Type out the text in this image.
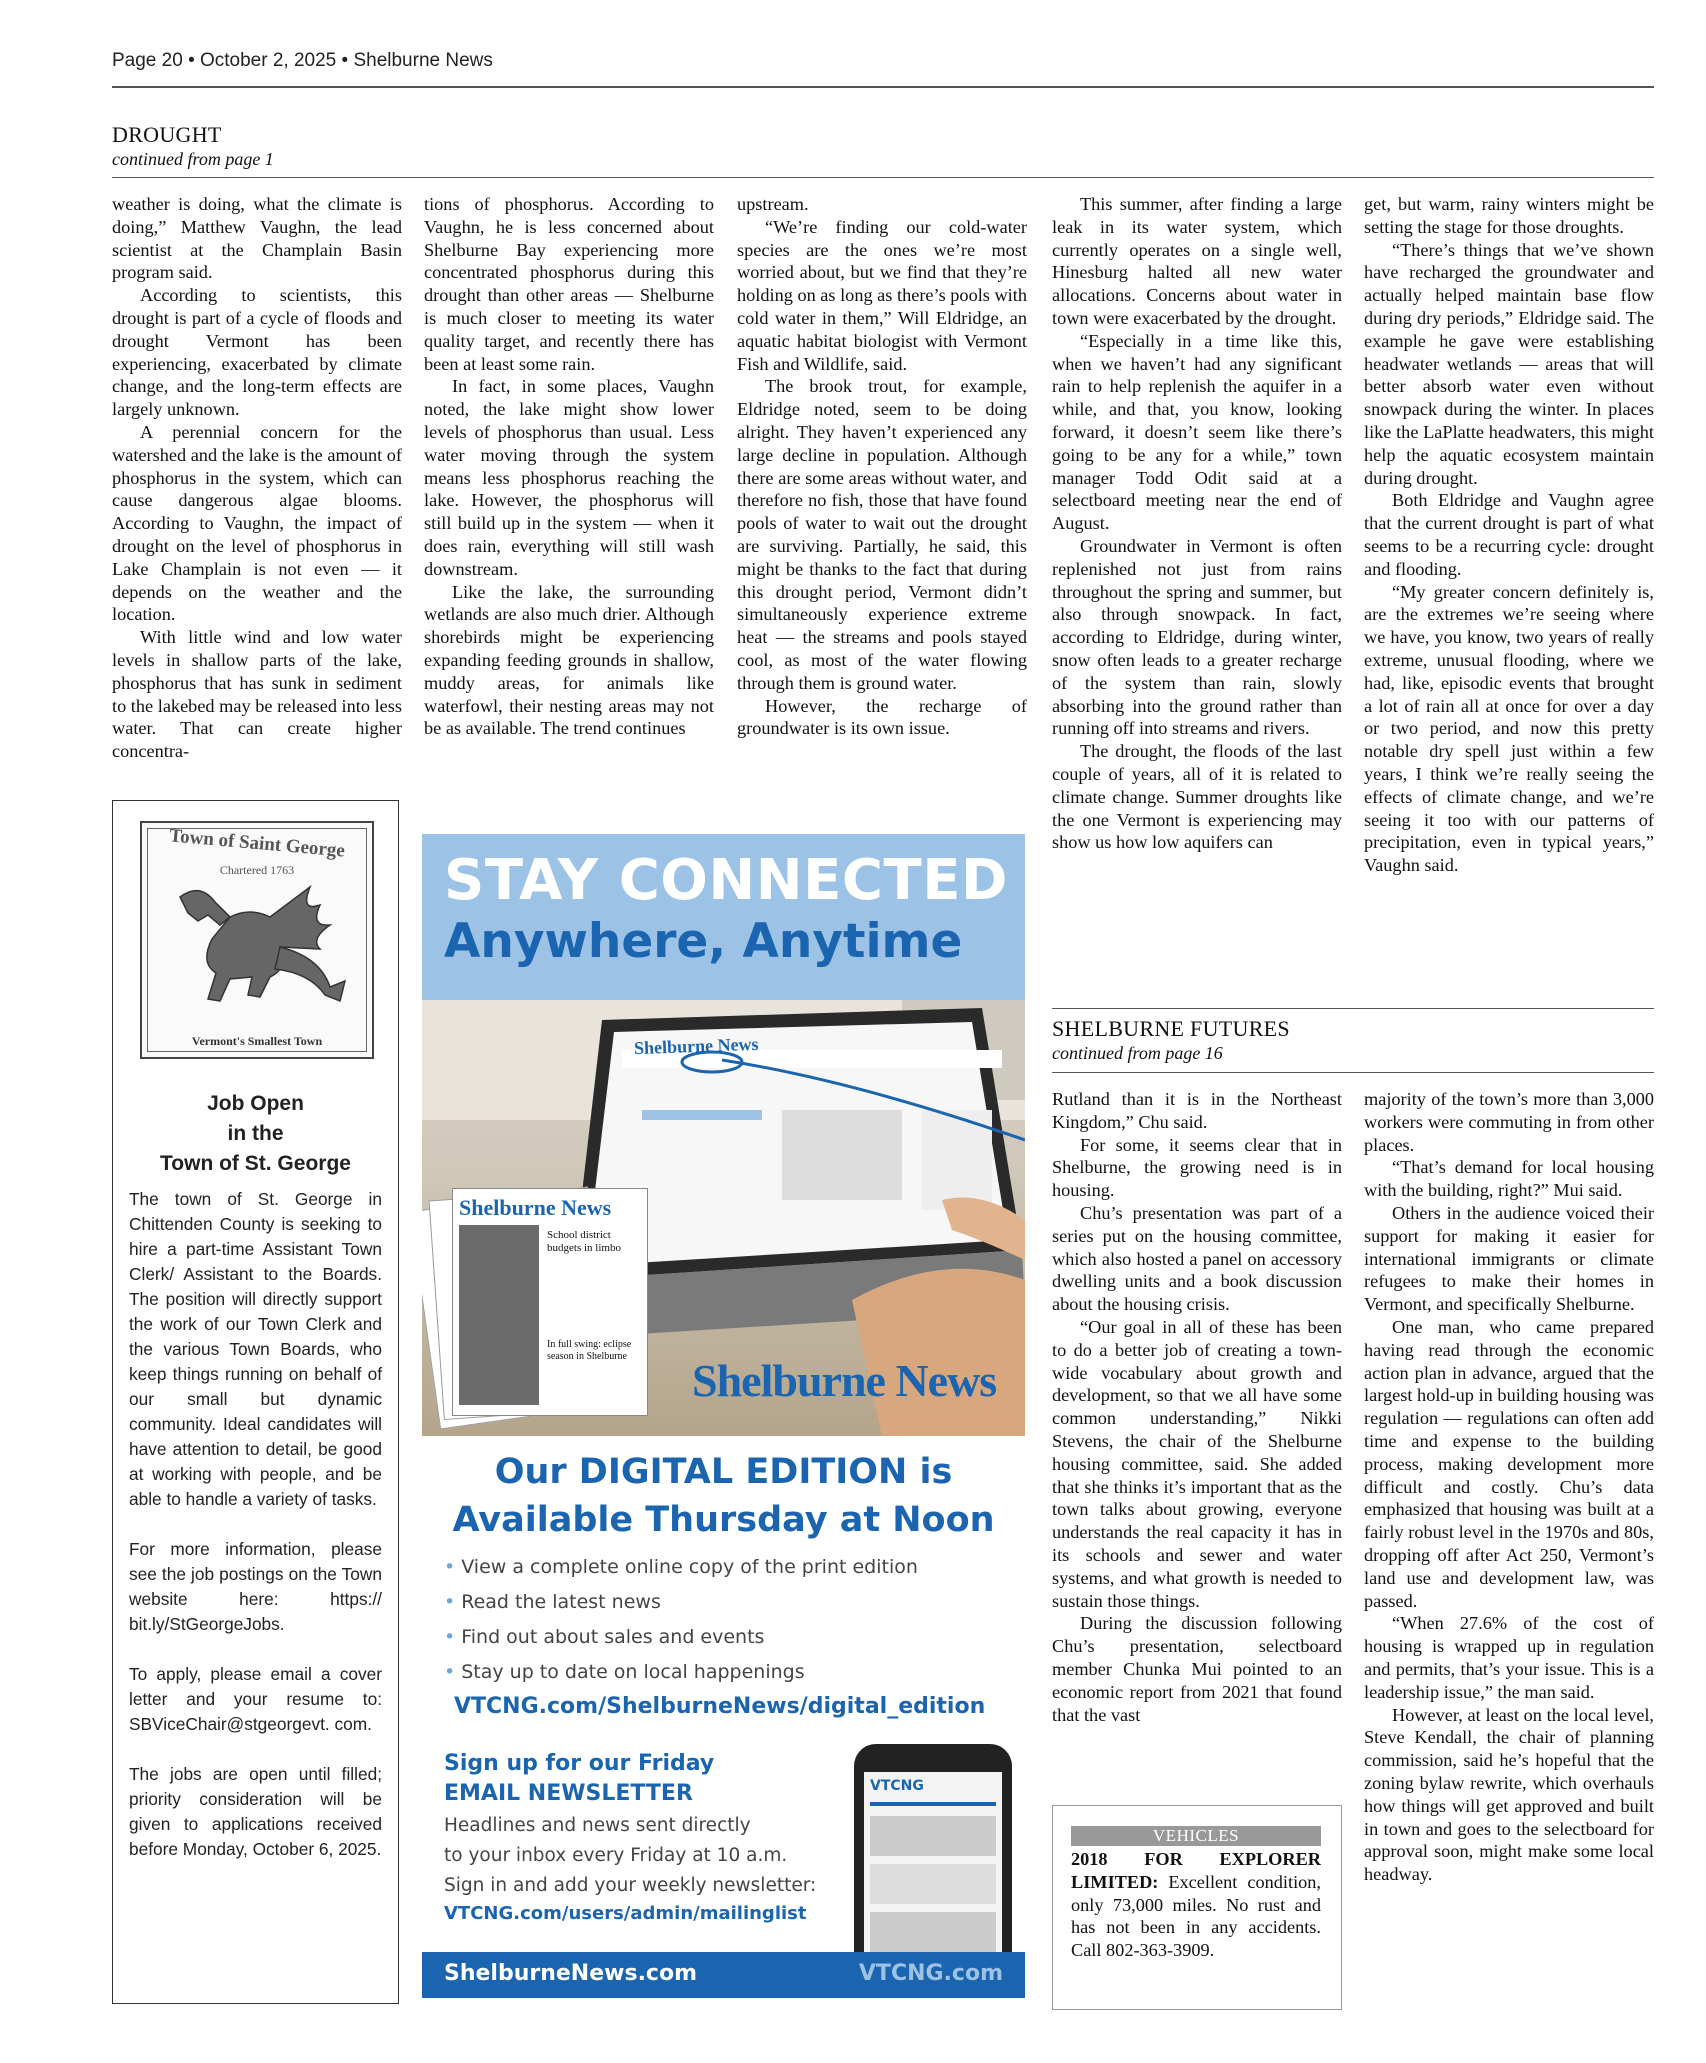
Page 20 • October 2, 2025 • Shelburne News
DROUGHT
continued from page 1

weather is doing, what the climate is doing,” Matthew Vaughn, the lead scientist at the Champlain Basin program said.

According to scientists, this drought is part of a cycle of floods and drought Vermont has been experiencing, exacerbated by climate change, and the long-term effects are largely unknown.

A perennial concern for the watershed and the lake is the amount of phosphorus in the system, which can cause dangerous algae blooms. According to Vaughn, the impact of drought on the level of phosphorus in Lake Champlain is not even — it depends on the weather and the location.

With little wind and low water levels in shallow parts of the lake, phosphorus that has sunk in sediment to the lakebed may be released into less water. That can create higher concentra-

tions of phosphorus. According to Vaughn, he is less concerned about Shelburne Bay experiencing more concentrated phosphorus during this drought than other areas — Shelburne is much closer to meeting its water quality target, and recently there has been at least some rain.

In fact, in some places, Vaughn noted, the lake might show lower levels of phosphorus than usual. Less water moving through the system means less phosphorus reaching the lake. However, the phosphorus will still build up in the system — when it does rain, everything will still wash downstream.

Like the lake, the surrounding wetlands are also much drier. Although shorebirds might be experiencing expanding feeding grounds in shallow, muddy areas, for animals like waterfowl, their nesting areas may not be as available. The trend continues

upstream.

“We’re finding our cold-water species are the ones we’re most worried about, but we find that they’re holding on as long as there’s pools with cold water in them,” Will Eldridge, an aquatic habitat biologist with Vermont Fish and Wildlife, said.

The brook trout, for example, Eldridge noted, seem to be doing alright. They haven’t experienced any large decline in population. Although there are some areas without water, and therefore no fish, those that have found pools of water to wait out the drought are surviving. Partially, he said, this might be thanks to the fact that during this drought period, Vermont didn’t simultaneously experience extreme heat — the streams and pools stayed cool, as most of the water flowing through them is ground water.

However, the recharge of groundwater is its own issue.

This summer, after finding a large leak in its water system, which currently operates on a single well, Hinesburg halted all new water allocations. Concerns about water in town were exacerbated by the drought.

“Especially in a time like this, when we haven’t had any significant rain to help replenish the aquifer in a while, and that, you know, looking forward, it doesn’t seem like there’s going to be any for a while,” town manager Todd Odit said at a selectboard meeting near the end of August.

Groundwater in Vermont is often replenished not just from rains throughout the spring and summer, but also through snowpack. In fact, according to Eldridge, during winter, snow often leads to a greater recharge of the system than rain, slowly absorbing into the ground rather than running off into streams and rivers.

The drought, the floods of the last couple of years, all of it is related to climate change. Summer droughts like the one Vermont is experiencing may show us how low aquifers can

get, but warm, rainy winters might be setting the stage for those droughts.

“There’s things that we’ve shown have recharged the groundwater and actually helped maintain base flow during dry periods,” Eldridge said. The example he gave were establishing headwater wetlands — areas that will better absorb water even without snowpack during the winter. In places like the LaPlatte headwaters, this might help the aquatic ecosystem maintain during drought.

Both Eldridge and Vaughn agree that the current drought is part of what seems to be a recurring cycle: drought and flooding.

“My greater concern definitely is, are the extremes we’re seeing where we have, you know, two years of really extreme, unusual flooding, where we had, like, episodic events that brought a lot of rain all at once for over a day or two period, and now this pretty notable dry spell just within a few years, I think we’re really seeing the effects of climate change, and we’re seeing it too with our patterns of precipitation, even in typical years,” Vaughn said.

Town of Saint George
Chartered 1763
Vermont's Smallest Town
Job Open
in the
Town of St. George

The town of St. George in Chittenden County is seeking to hire a part-time Assistant Town Clerk/ Assistant to the Boards. The position will directly support the work of our Town Clerk and the various Town Boards, who keep things running on behalf of our small but dynamic community. Ideal candidates will have attention to detail, be good at working with people, and be able to handle a variety of tasks.

For more information, please see the job postings on the Town website here: https:// bit.ly/StGeorgeJobs.

To apply, please email a cover letter and your resume to: SBViceChair@stgeorgevt. com.

The jobs are open until filled; priority consideration will be given to applications received before Monday, October 6, 2025.

STAY CONNECTED
Anywhere, Anytime
Shelburne News
School district budgets in limbo
In full swing: eclipse season in Shelburne
Shelburne News
Shelburne News
Our DIGITAL EDITION is
Available Thursday at Noon
• View a complete online copy of the print edition
• Read the latest news
• Find out about sales and events
• Stay up to date on local happenings
VTCNG.com/ShelburneNews/digital_edition
Sign up for our Friday
EMAIL NEWSLETTER
Headlines and news sent directly
to your inbox every Friday at 10 a.m.
Sign in and add your weekly newsletter:
VTCNG.com/users/admin/mailinglist
VTCNG
ShelburneNews.com	VTCNG.com
SHELBURNE FUTURES
continued from page 16

Rutland than it is in the Northeast Kingdom,” Chu said.

For some, it seems clear that in Shelburne, the growing need is in housing.

Chu’s presentation was part of a series put on the housing committee, which also hosted a panel on accessory dwelling units and a book discussion about the housing crisis.

“Our goal in all of these has been to do a better job of creating a town-wide vocabulary about growth and development, so that we all have some common understanding,” Nikki Stevens, the chair of the Shelburne housing committee, said. She added that she thinks it’s important that as the town talks about growing, everyone understands the real capacity it has in its schools and sewer and water systems, and what growth is needed to sustain those things.

During the discussion following Chu’s presentation, selectboard member Chunka Mui pointed to an economic report from 2021 that found that the vast

majority of the town’s more than 3,000 workers were commuting in from other places.

“That’s demand for local housing with the building, right?” Mui said.

Others in the audience voiced their support for making it easier for international immigrants or climate refugees to make their homes in Vermont, and specifically Shelburne.

One man, who came prepared having read through the economic action plan in advance, argued that the largest hold-up in building housing was regulation — regulations can often add time and expense to the building process, making development more difficult and costly. Chu’s data emphasized that housing was built at a fairly robust level in the 1970s and 80s, dropping off after Act 250, Vermont’s land use and development law, was passed.

“When 27.6% of the cost of housing is wrapped up in regulation and permits, that’s your issue. This is a leadership issue,” the man said.

However, at least on the local level, Steve Kendall, the chair of planning commission, said he’s hopeful that the zoning bylaw rewrite, which overhauls how things will get approved and built in town and goes to the selectboard for approval soon, might make some local headway.

VEHICLES
2018 FOR EXPLORER LIMITED: Excellent condition, only 73,000 miles. No rust and has not been in any accidents. Call 802-363-3909.
